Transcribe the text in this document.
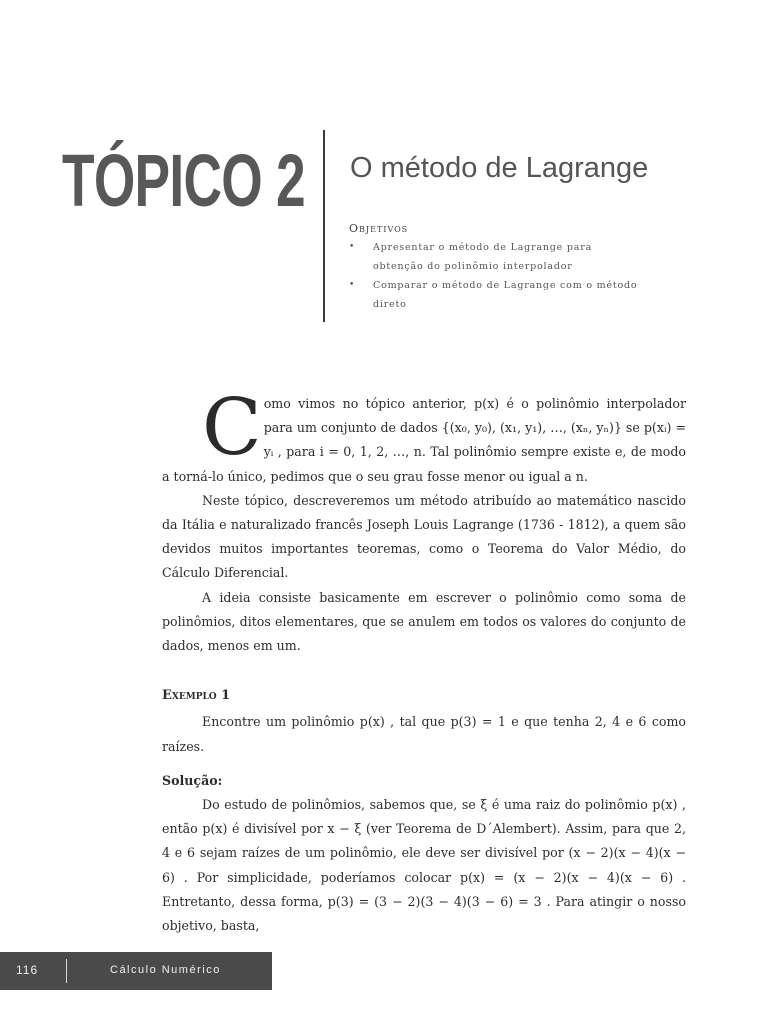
TÓPICO 2 O método de Lagrange
Objetivos
• Apresentar o método de Lagrange para obtenção do polinômio interpolador
• Comparar o método de Lagrange com o método direto

C omo vimos no tópico anterior, p(x) é o polinômio interpolador para um conjunto de dados {(x₀, y₀), (x₁, y₁), …, (xₙ, yₙ)} se p(xᵢ) = yᵢ , para i = 0, 1, 2, …, n. Tal polinômio sempre existe e, de modo a torná-lo único, pedimos que o seu grau fosse menor ou igual a n.

Neste tópico, descreveremos um método atribuído ao matemático nascido da Itália e naturalizado francês Joseph Louis Lagrange (1736 - 1812), a quem são devidos muitos importantes teoremas, como o Teorema do Valor Médio, do Cálculo Diferencial.

A ideia consiste basicamente em escrever o polinômio como soma de polinômios, ditos elementares, que se anulem em todos os valores do conjunto de dados, menos em um.

Exemplo 1

Encontre um polinômio p(x) , tal que p(3) = 1 e que tenha 2, 4 e 6 como raízes.

Solução:

Do estudo de polinômios, sabemos que, se ξ é uma raiz do polinômio p(x) , então p(x) é divisível por x − ξ (ver Teorema de D´Alembert). Assim, para que 2, 4 e 6 sejam raízes de um polinômio, ele deve ser divisível por (x − 2)(x − 4)(x − 6) . Por simplicidade, poderíamos colocar p(x) = (x − 2)(x − 4)(x − 6) . Entretanto, dessa forma, p(3) = (3 − 2)(3 − 4)(3 − 6) = 3 . Para atingir o nosso objetivo, basta,

116	Cálculo Numérico
